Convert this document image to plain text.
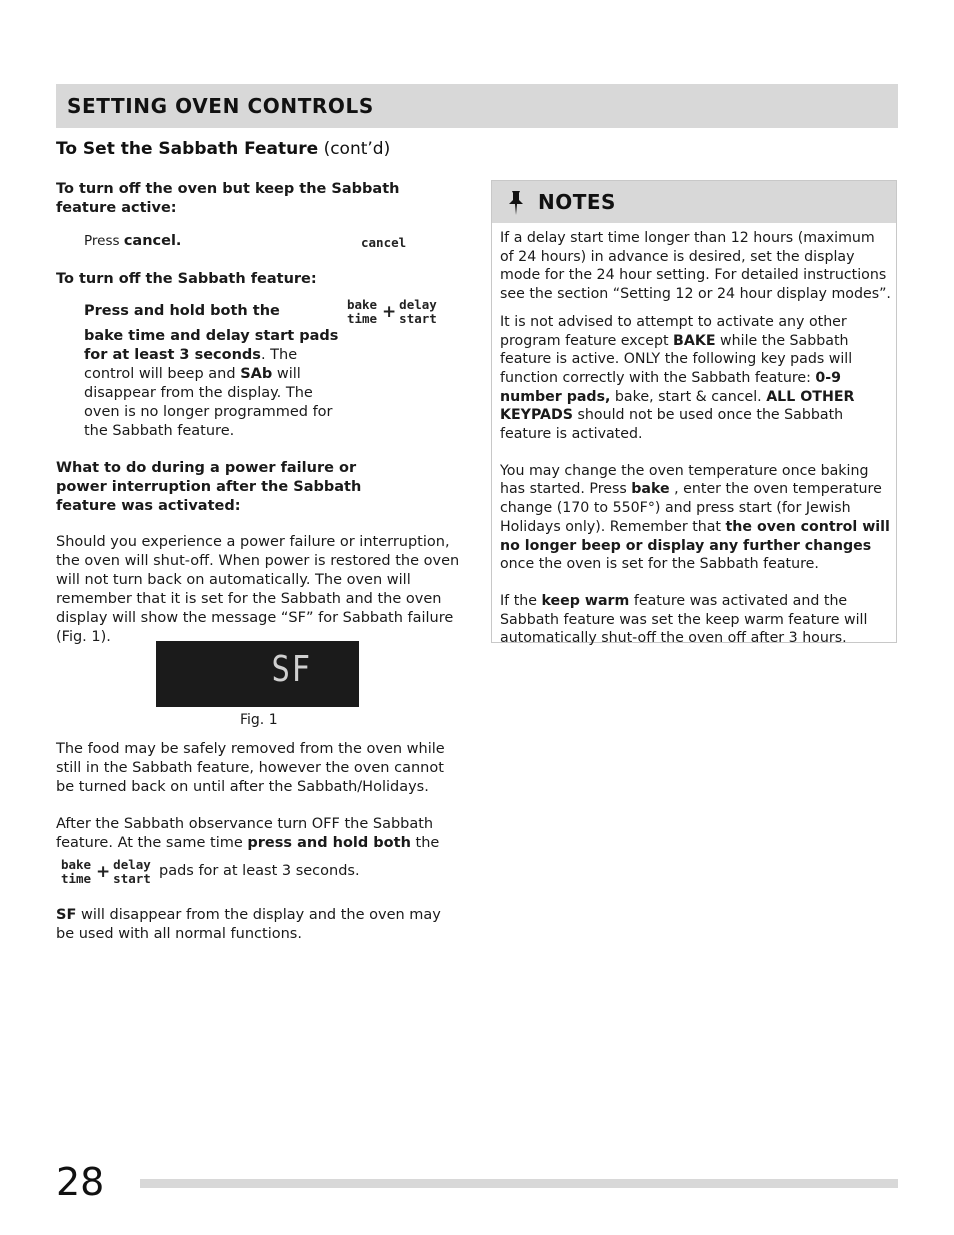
SETTING OVEN CONTROLS
To Set the Sabbath Feature (cont’d)

To turn off the oven but keep the Sabbath feature active:

Press cancel.	cancel

To turn off the Sabbath feature:

Press and hold both the	bake
time + delay
start

bake time and delay start pads for at least 3 seconds. The control will beep and SAb will disappear from the display. The oven is no longer programmed for the Sabbath feature.

What to do during a power failure or power interruption after the Sabbath feature was activated:

Should you experience a power failure or interruption, the oven will shut-off. When power is restored the oven will not turn back on automatically. The oven will remember that it is set for the Sabbath and the oven display will show the message “SF” for Sabbath failure (Fig. 1).

SF
Fig. 1

The food may be safely removed from the oven while still in the Sabbath feature, however the oven cannot be turned back on until after the Sabbath/Holidays.

After the Sabbath observance turn OFF the Sabbath feature. At the same time press and hold both the

bake
time + delay
start pads for at least 3 seconds.

SF will disappear from the display and the oven may be used with all normal functions.

NOTES

If a delay start time longer than 12 hours (maximum of 24 hours) in advance is desired, set the display mode for the 24 hour setting. For detailed instructions see the section “Setting 12 or 24 hour display modes”.

It is not advised to attempt to activate any other program feature except BAKE while the Sabbath feature is active. ONLY the following key pads will function correctly with the Sabbath feature: 0-9 number pads, bake, start & cancel. ALL OTHER KEYPADS should not be used once the Sabbath feature is activated.

You may change the oven temperature once baking has started. Press bake , enter the oven temperature change (170 to 550F°) and press start (for Jewish Holidays only). Remember that the oven control will no longer beep or display any further changes once the oven is set for the Sabbath feature.

If the keep warm feature was activated and the Sabbath feature was set the keep warm feature will automatically shut-off the oven off after 3 hours.

28
